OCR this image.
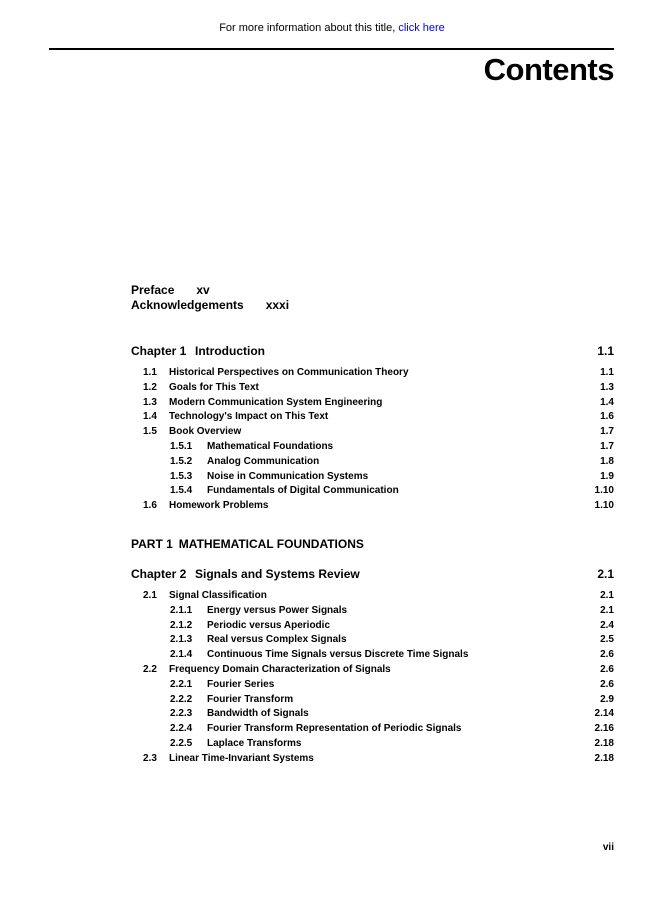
For more information about this title, click here
Contents
Preface xv
Acknowledgements xxxi
Chapter 1 Introduction	1.1
1.1 Historical Perspectives on Communication Theory	1.1
1.2 Goals for This Text	1.3
1.3 Modern Communication System Engineering	1.4
1.4 Technology's Impact on This Text	1.6
1.5 Book Overview	1.7
1.5.1 Mathematical Foundations	1.7
1.5.2 Analog Communication	1.8
1.5.3 Noise in Communication Systems	1.9
1.5.4 Fundamentals of Digital Communication	1.10
1.6 Homework Problems	1.10
PART 1 MATHEMATICAL FOUNDATIONS
Chapter 2 Signals and Systems Review	2.1
2.1 Signal Classification	2.1
2.1.1 Energy versus Power Signals	2.1
2.1.2 Periodic versus Aperiodic	2.4
2.1.3 Real versus Complex Signals	2.5
2.1.4 Continuous Time Signals versus Discrete Time Signals	2.6
2.2 Frequency Domain Characterization of Signals	2.6
2.2.1 Fourier Series	2.6
2.2.2 Fourier Transform	2.9
2.2.3 Bandwidth of Signals	2.14
2.2.4 Fourier Transform Representation of Periodic Signals	2.16
2.2.5 Laplace Transforms	2.18
2.3 Linear Time-Invariant Systems	2.18
vii
